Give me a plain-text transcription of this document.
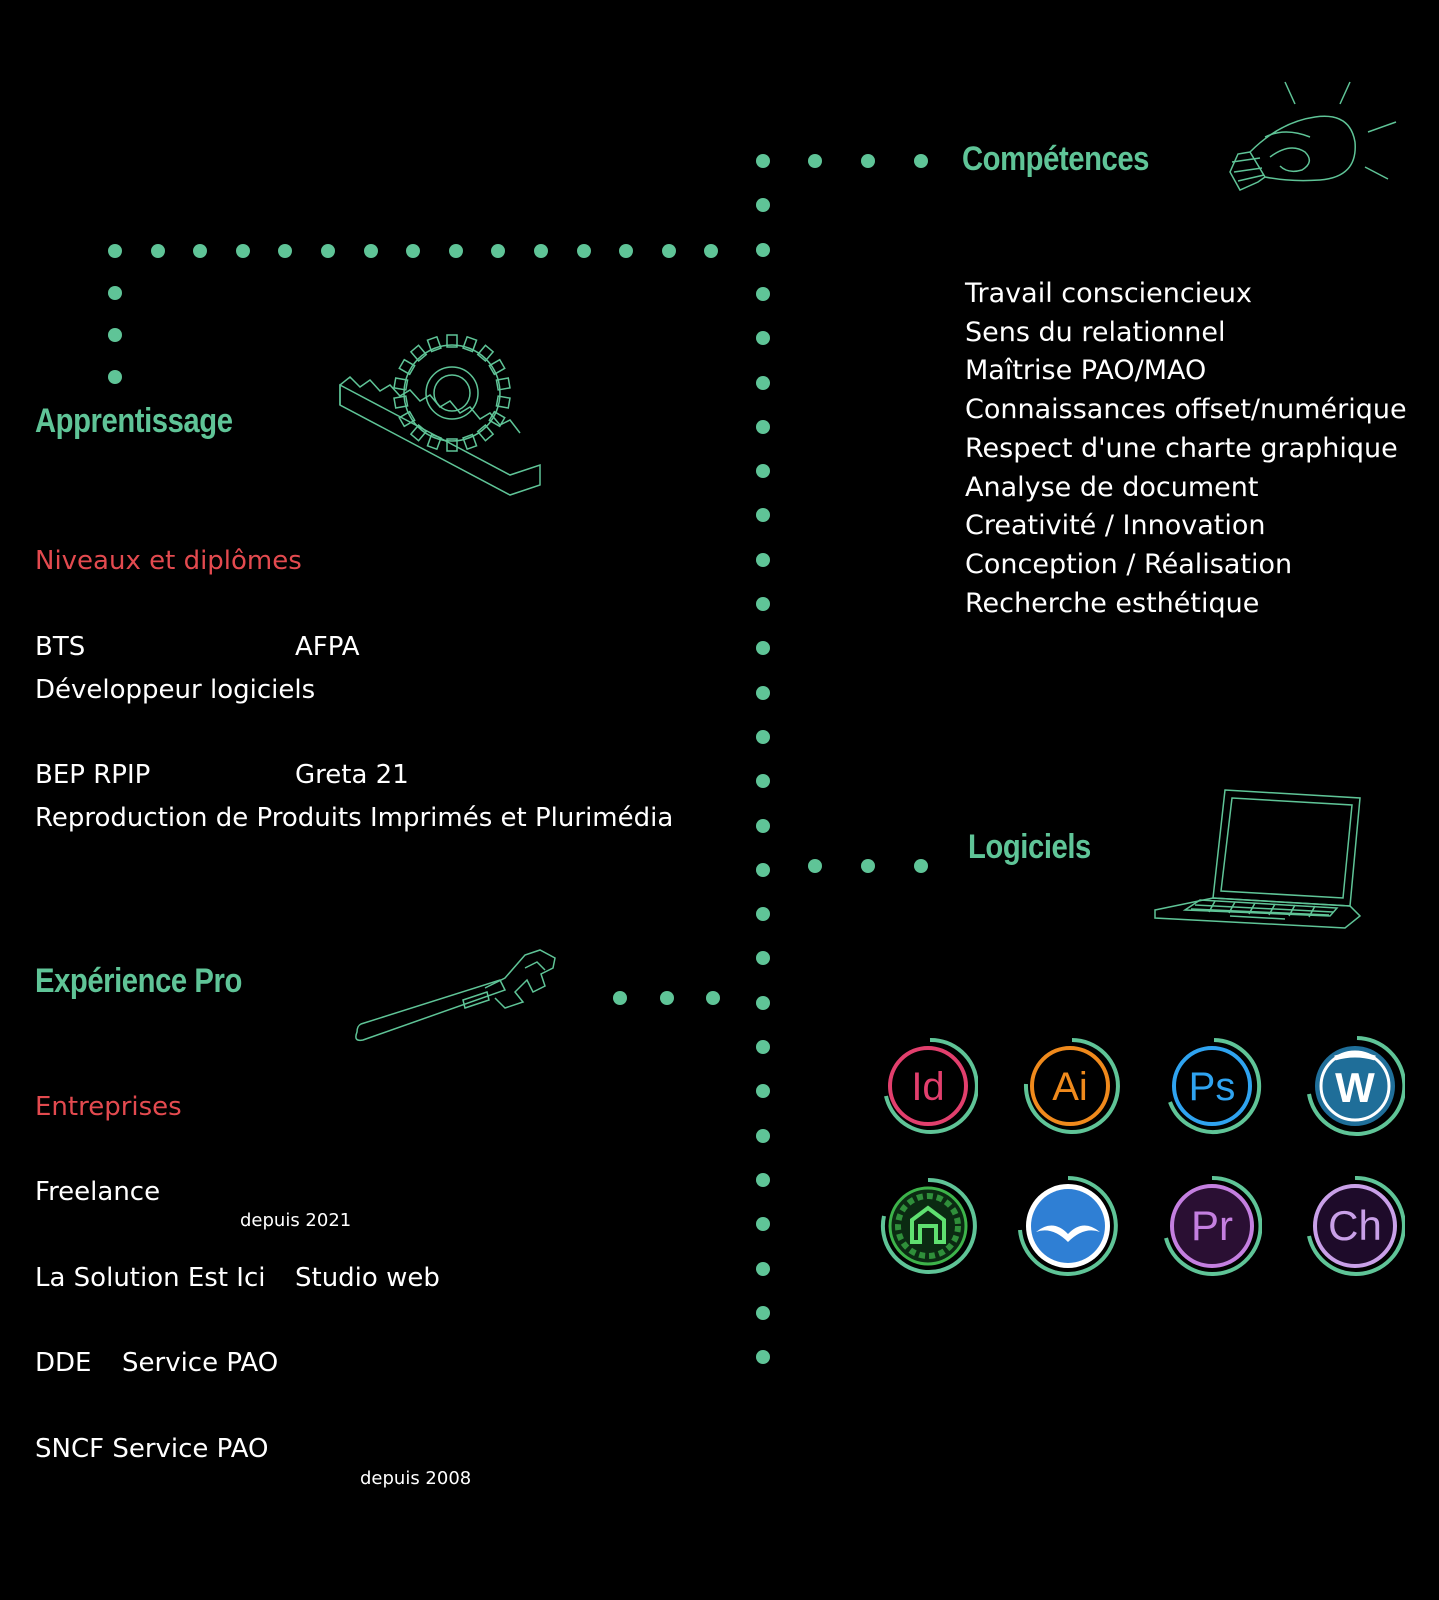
Compétences
Travail consciencieux
Sens du relationnel
Maîtrise PAO/MAO
Connaissances offset/numérique
Respect d'une charte graphique
Analyse de document
Creativité / Innovation
Conception / Réalisation
Recherche esthétique
Apprentissage
Niveaux et diplômes
BTS	AFPA
Développeur logiciels
BEP RPIP	Greta 21
Reproduction de Produits Imprimés et Plurimédia
Expérience Pro
Entreprises
Freelance
depuis 2021
La Solution Est Ici Studio web
DDE Service PAO
SNCF Service PAO
depuis 2008
Logiciels
Id	Ai	Ps W
Pr Ch
